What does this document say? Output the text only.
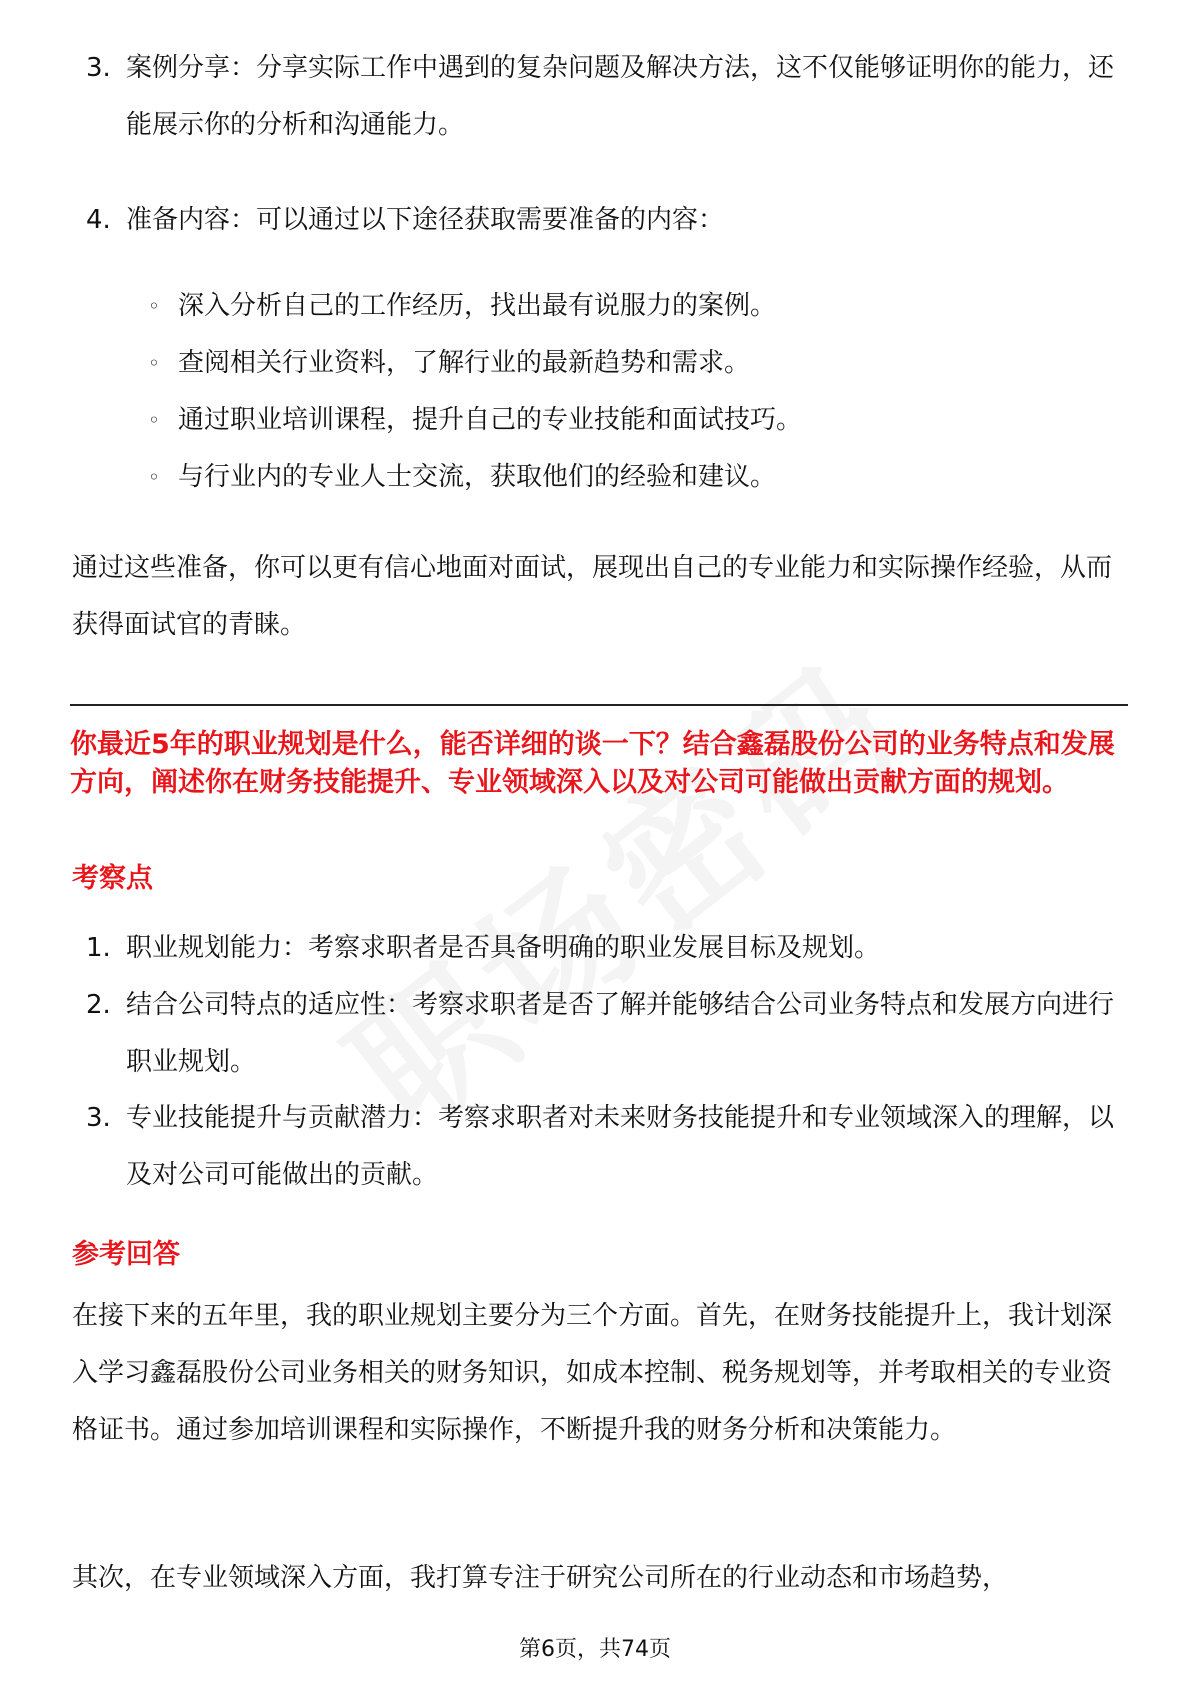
3. 案例分享：分享实际工作中遇到的复杂问题及解决方法，这不仅能够证明你的能力，还能展示你的分析和沟通能力。
4. 准备内容：可以通过以下途径获取需要准备的内容：
◦ 深入分析自己的工作经历，找出最有说服力的案例。
◦ 查阅相关行业资料，了解行业的最新趋势和需求。
◦ 通过职业培训课程，提升自己的专业技能和面试技巧。
◦ 与行业内的专业人士交流，获取他们的经验和建议。
通过这些准备，你可以更有信心地面对面试，展现出自己的专业能力和实际操作经验，从而获得面试官的青睐。
你最近5年的职业规划是什么，能否详细的谈一下？结合鑫磊股份公司的业务特点和发展方向，阐述你在财务技能提升、专业领域深入以及对公司可能做出贡献方面的规划。
考察点
1. 职业规划能力：考察求职者是否具备明确的职业发展目标及规划。
2. 结合公司特点的适应性：考察求职者是否了解并能够结合公司业务特点和发展方向进行职业规划。
3. 专业技能提升与贡献潜力：考察求职者对未来财务技能提升和专业领域深入的理解，以及对公司可能做出的贡献。
参考回答
在接下来的五年里，我的职业规划主要分为三个方面。首先，在财务技能提升上，我计划深入学习鑫磊股份公司业务相关的财务知识，如成本控制、税务规划等，并考取相关的专业资格证书。通过参加培训课程和实际操作，不断提升我的财务分析和决策能力。
其次，在专业领域深入方面，我打算专注于研究公司所在的行业动态和市场趋势，
第6页，共74页
